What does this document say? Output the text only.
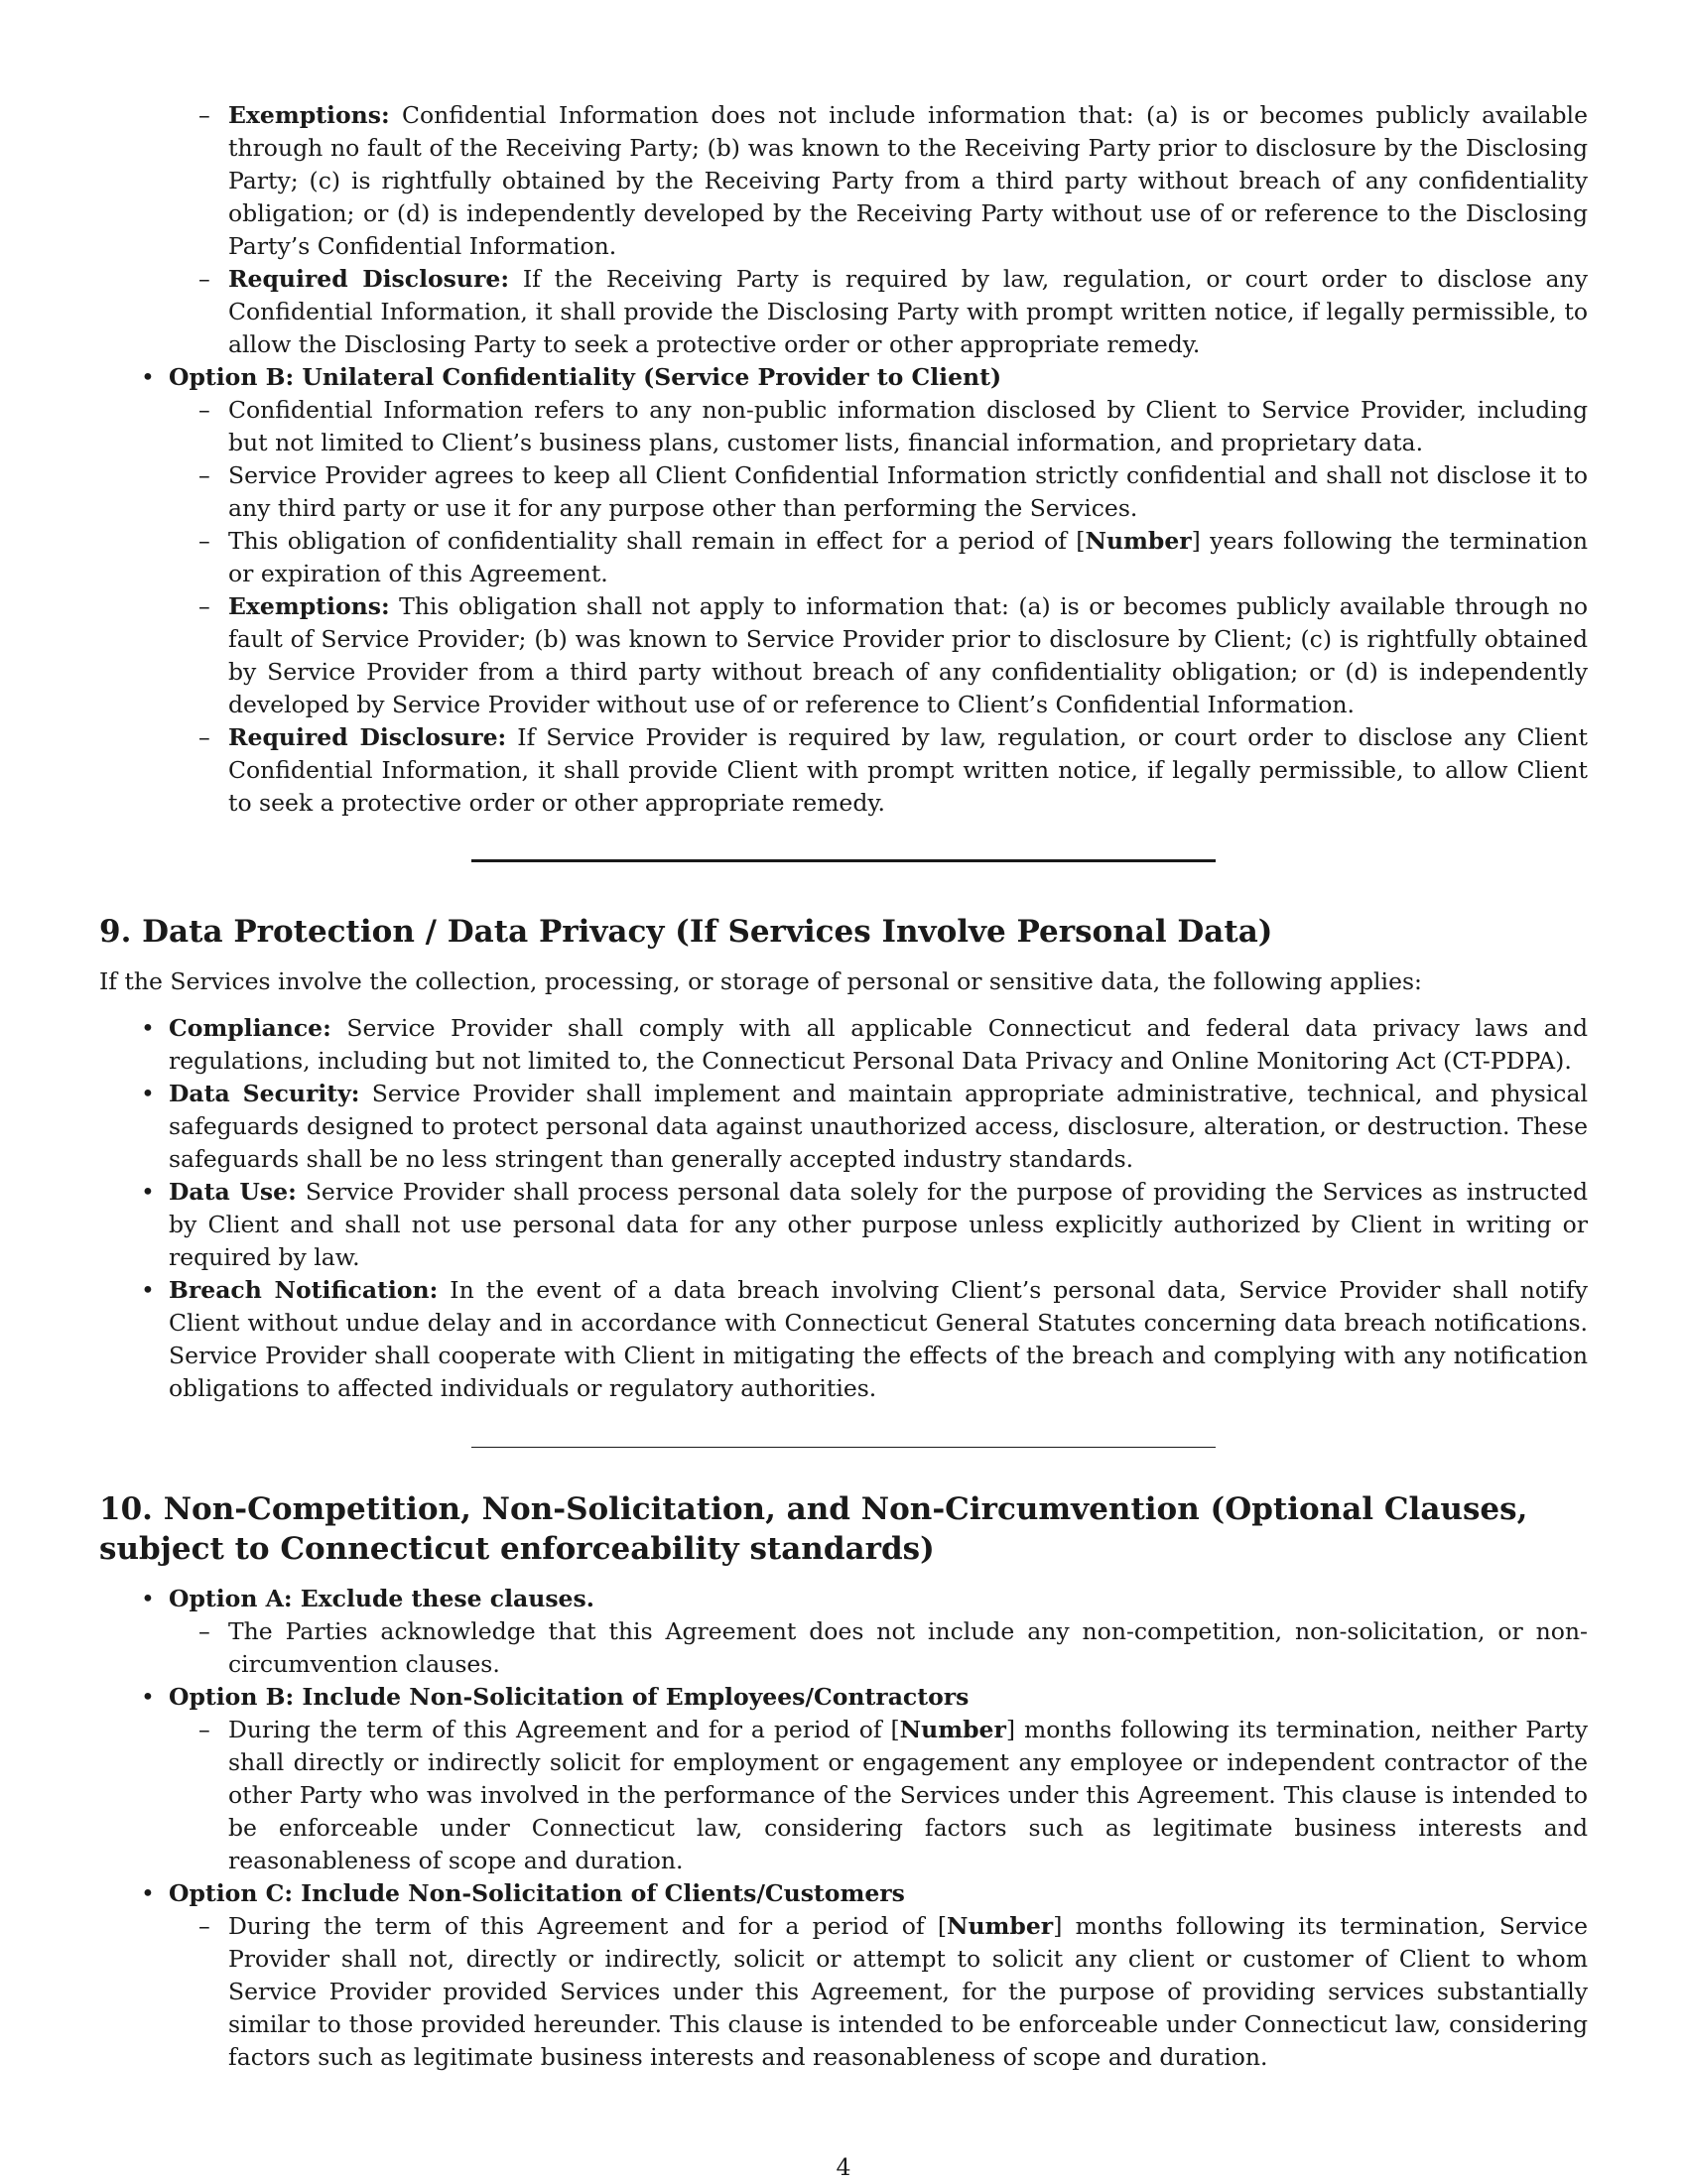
– Exemptions: Confidential Information does not include information that: (a) is or becomes publicly available through no fault of the Receiving Party; (b) was known to the Receiving Party prior to disclosure by the Disclosing Party; (c) is rightfully obtained by the Receiving Party from a third party without breach of any confidentiality obligation; or (d) is independently developed by the Receiving Party without use of or reference to the Disclosing Party’s Confidential Information.
– Required Disclosure: If the Receiving Party is required by law, regulation, or court order to disclose any Confidential Information, it shall provide the Disclosing Party with prompt written notice, if legally permissible, to allow the Disclosing Party to seek a protective order or other appropriate remedy.
• Option B: Unilateral Confidentiality (Service Provider to Client)
– Confidential Information refers to any non-public information disclosed by Client to Service Provider, including but not limited to Client’s business plans, customer lists, financial information, and proprietary data.
– Service Provider agrees to keep all Client Confidential Information strictly confidential and shall not disclose it to any third party or use it for any purpose other than performing the Services.
– This obligation of confidentiality shall remain in effect for a period of [Number] years following the termination or expiration of this Agreement.
– Exemptions: This obligation shall not apply to information that: (a) is or becomes publicly available through no fault of Service Provider; (b) was known to Service Provider prior to disclosure by Client; (c) is rightfully obtained by Service Provider from a third party without breach of any confidentiality obligation; or (d) is independently developed by Service Provider without use of or reference to Client’s Confidential Information.
– Required Disclosure: If Service Provider is required by law, regulation, or court order to disclose any Client Confidential Information, it shall provide Client with prompt written notice, if legally permissible, to allow Client to seek a protective order or other appropriate remedy.
9. Data Protection / Data Privacy (If Services Involve Personal Data)

If the Services involve the collection, processing, or storage of personal or sensitive data, the following applies:

• Compliance: Service Provider shall comply with all applicable Connecticut and federal data privacy laws and regulations, including but not limited to, the Connecticut Personal Data Privacy and Online Monitoring Act (CT-PDPA).
• Data Security: Service Provider shall implement and maintain appropriate administrative, technical, and physical safeguards designed to protect personal data against unauthorized access, disclosure, alteration, or destruction. These safeguards shall be no less stringent than generally accepted industry standards.
• Data Use: Service Provider shall process personal data solely for the purpose of providing the Services as instructed by Client and shall not use personal data for any other purpose unless explicitly authorized by Client in writing or required by law.
• Breach Notification: In the event of a data breach involving Client’s personal data, Service Provider shall notify Client without undue delay and in accordance with Connecticut General Statutes concerning data breach notifications. Service Provider shall cooperate with Client in mitigating the effects of the breach and complying with any notification obligations to affected individuals or regulatory authorities.
10. Non-Competition, Non-Solicitation, and Non-Circumvention (Optional Clauses, subject to Connecticut enforceability standards)
• Option A: Exclude these clauses.
– The Parties acknowledge that this Agreement does not include any non-competition, non-solicitation, or non-circumvention clauses.
• Option B: Include Non-Solicitation of Employees/Contractors
– During the term of this Agreement and for a period of [Number] months following its termination, neither Party shall directly or indirectly solicit for employment or engagement any employee or independent contractor of the other Party who was involved in the performance of the Services under this Agreement. This clause is intended to be enforceable under Connecticut law, considering factors such as legitimate business interests and reasonableness of scope and duration.
• Option C: Include Non-Solicitation of Clients/Customers
– During the term of this Agreement and for a period of [Number] months following its termination, Service Provider shall not, directly or indirectly, solicit or attempt to solicit any client or customer of Client to whom Service Provider provided Services under this Agreement, for the purpose of providing services substantially similar to those provided hereunder. This clause is intended to be enforceable under Connecticut law, considering factors such as legitimate business interests and reasonableness of scope and duration.
4
